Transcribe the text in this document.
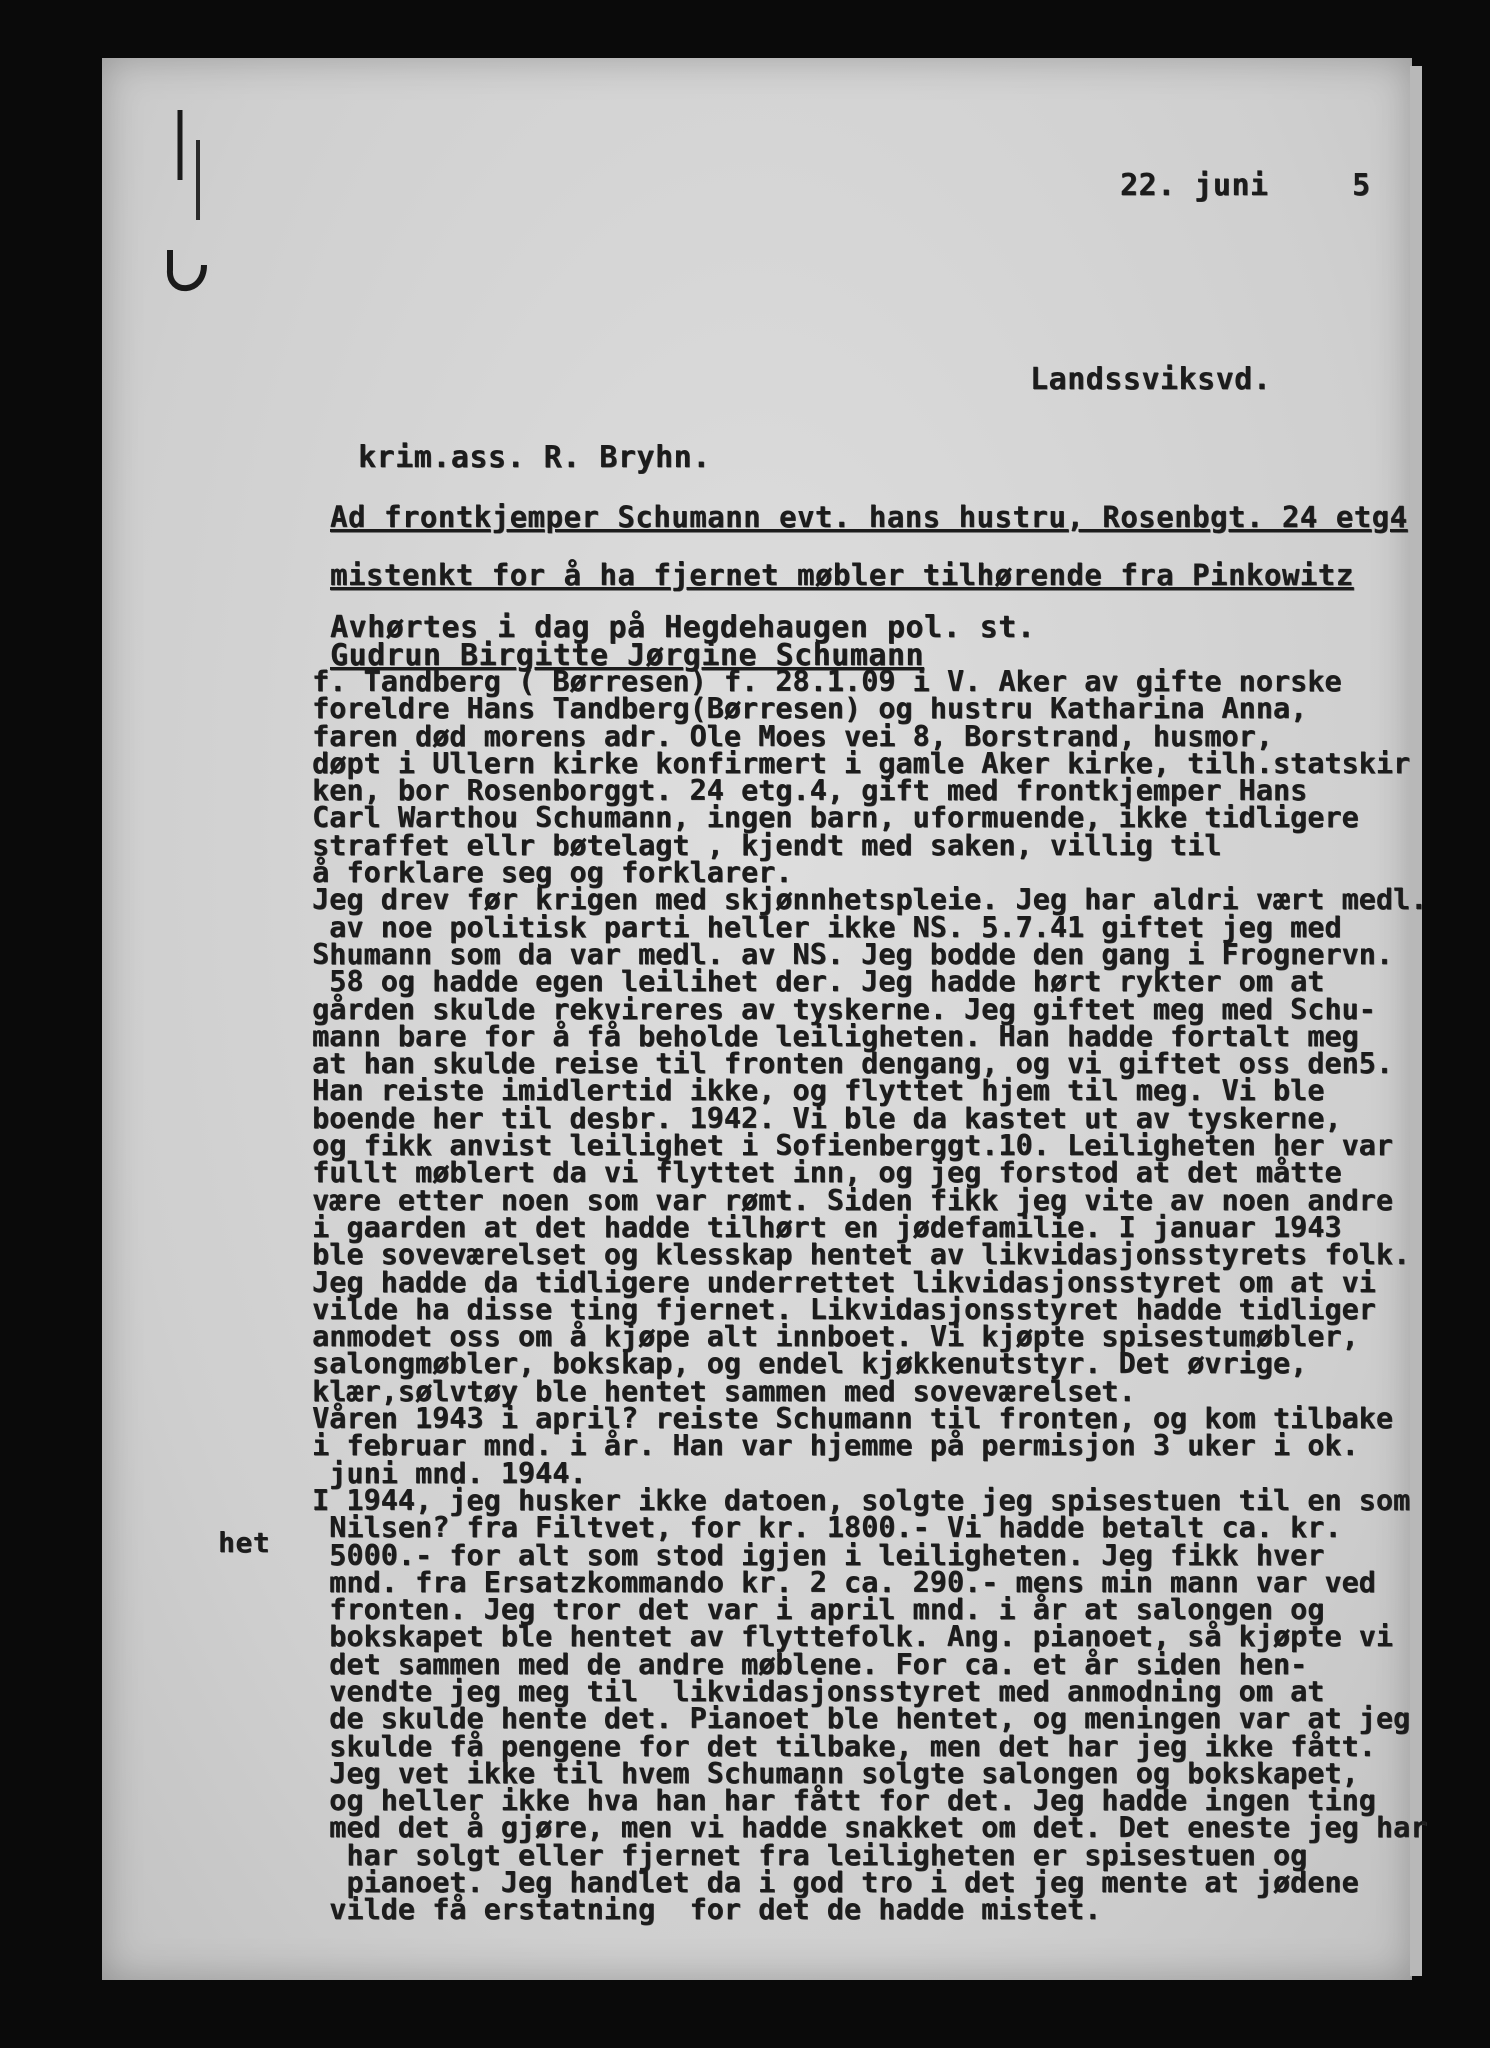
22. juni	5
Landssviksvd.
krim.ass. R. Bryhn.
Ad frontkjemper Schumann evt. hans hustru, Rosenbgt. 24 etg4
mistenkt for å ha fjernet møbler tilhørende fra Pinkowitz
Avhørtes i dag på Hegdehaugen pol. st.
Gudrun Birgitte Jørgine Schumann
f. Tandberg ( Børresen) f. 28.1.09 i V. Aker av gifte norske
foreldre Hans Tandberg(Børresen) og hustru Katharina Anna,
faren død morens adr. Ole Moes vei 8, Borstrand, husmor,
døpt i Ullern kirke konfirmert i gamle Aker kirke, tilh.statskir
ken, bor Rosenborggt. 24 etg.4, gift med frontkjemper Hans
Carl Warthou Schumann, ingen barn, uformuende, ikke tidligere
straffet ellr bøtelagt , kjendt med saken, villig til
å forklare seg og forklarer.
Jeg drev før krigen med skjønnhetspleie. Jeg har aldri vært medl.
av noe politisk parti heller ikke NS. 5.7.41 giftet jeg med
Shumann som da var medl. av NS. Jeg bodde den gang i Frognervn.
58 og hadde egen leilihet der. Jeg hadde hørt rykter om at
gården skulde rekvireres av tyskerne. Jeg giftet meg med Schu-
mann bare for å få beholde leiligheten. Han hadde fortalt meg
at han skulde reise til fronten dengang, og vi giftet oss den5.
Han reiste imidlertid ikke, og flyttet hjem til meg. Vi ble
boende her til desbr. 1942. Vi ble da kastet ut av tyskerne,
og fikk anvist leilighet i Sofienberggt.10. Leiligheten her var
fullt møblert da vi flyttet inn, og jeg forstod at det måtte
være etter noen som var rømt. Siden fikk jeg vite av noen andre
i gaarden at det hadde tilhørt en jødefamilie. I januar 1943
ble soveværelset og klesskap hentet av likvidasjonsstyrets folk.
Jeg hadde da tidligere underrettet likvidasjonsstyret om at vi
vilde ha disse ting fjernet. Likvidasjonsstyret hadde tidliger
anmodet oss om å kjøpe alt innboet. Vi kjøpte spisestumøbler,
salongmøbler, bokskap, og endel kjøkkenutstyr. Det øvrige,
klær,sølvtøy ble hentet sammen med soveværelset.
Våren 1943 i april? reiste Schumann til fronten, og kom tilbake
i februar mnd. i år. Han var hjemme på permisjon 3 uker i ok.
juni mnd. 1944.
I 1944, jeg husker ikke datoen, solgte jeg spisestuen til en som
Nilsen? fra Filtvet, for kr. 1800.- Vi hadde betalt ca. kr.
5000.- for alt som stod igjen i leiligheten. Jeg fikk hver
mnd. fra Ersatzkommando kr. 2 ca. 290.- mens min mann var ved
fronten. Jeg tror det var i april mnd. i år at salongen og
bokskapet ble hentet av flyttefolk. Ang. pianoet, så kjøpte vi
det sammen med de andre møblene. For ca. et år siden hen-
vendte jeg meg til  likvidasjonsstyret med anmodning om at
de skulde hente det. Pianoet ble hentet, og meningen var at jeg
skulde få pengene for det tilbake, men det har jeg ikke fått.
Jeg vet ikke til hvem Schumann solgte salongen og bokskapet,
og heller ikke hva han har fått for det. Jeg hadde ingen ting
med det å gjøre, men vi hadde snakket om det. Det eneste jeg har
har solgt eller fjernet fra leiligheten er spisestuen og
pianoet. Jeg handlet da i god tro i det jeg mente at jødene
vilde få erstatning  for det de hadde mistet.
het
